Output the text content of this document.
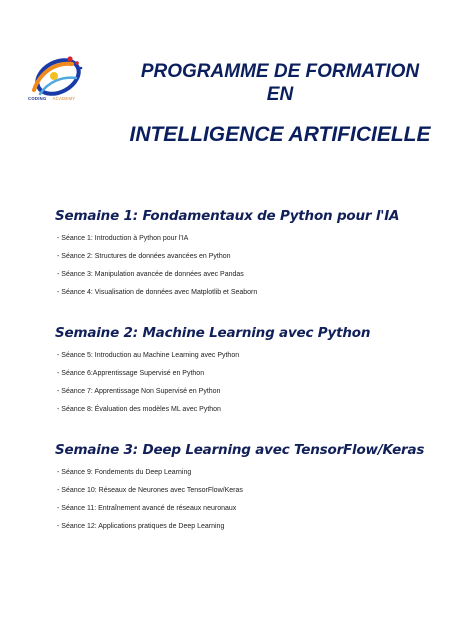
CODING ACADEMY
PROGRAMME DE FORMATION
EN
INTELLIGENCE ARTIFICIELLE
Semaine 1: Fondamentaux de Python pour l'IA
- Séance 1: Introduction à Python pour l'IA
- Séance 2: Structures de données avancées en Python
- Séance 3: Manipulation avancée de données avec Pandas
- Séance 4: Visualisation de données avec Matplotlib et Seaborn
Semaine 2: Machine Learning avec Python
- Séance 5: Introduction au Machine Learning avec Python
- Séance 6:Apprentissage Supervisé en Python
- Séance 7: Apprentissage Non Supervisé en Python
- Séance 8: Évaluation des modèles ML avec Python
Semaine 3: Deep Learning avec TensorFlow/Keras
- Séance 9: Fondements du Deep Learning
- Séance 10: Réseaux de Neurones avec TensorFlow/Keras
- Séance 11: Entraînement avancé de réseaux neuronaux
- Séance 12: Applications pratiques de Deep Learning
